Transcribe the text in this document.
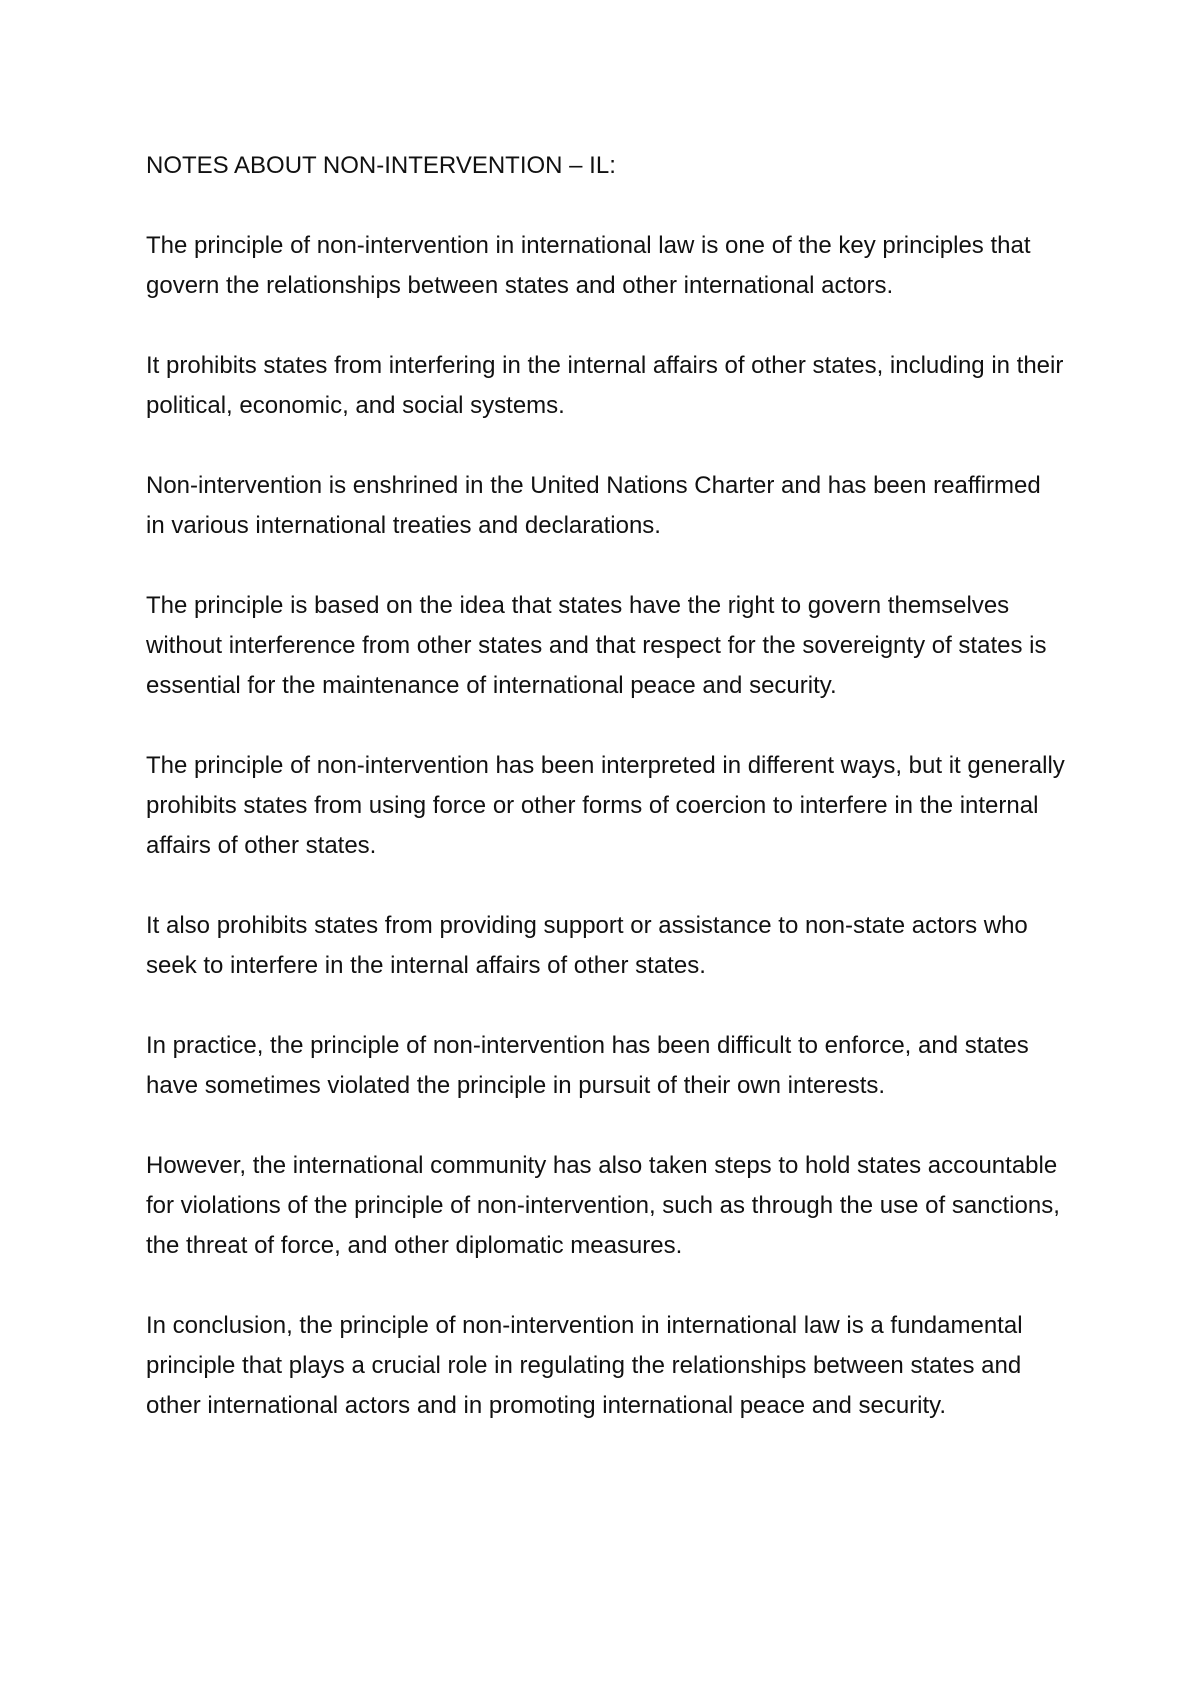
NOTES ABOUT NON-INTERVENTION – IL:

The principle of non-intervention in international law is one of the key principles that govern the relationships between states and other international actors.

It prohibits states from interfering in the internal affairs of other states, including in their political, economic, and social systems.

Non-intervention is enshrined in the United Nations Charter and has been reaffirmed in various international treaties and declarations.

The principle is based on the idea that states have the right to govern themselves without interference from other states and that respect for the sovereignty of states is essential for the maintenance of international peace and security.

The principle of non-intervention has been interpreted in different ways, but it generally prohibits states from using force or other forms of coercion to interfere in the internal affairs of other states.

It also prohibits states from providing support or assistance to non-state actors who seek to interfere in the internal affairs of other states.

In practice, the principle of non-intervention has been difficult to enforce, and states have sometimes violated the principle in pursuit of their own interests.

However, the international community has also taken steps to hold states accountable for violations of the principle of non-intervention, such as through the use of sanctions, the threat of force, and other diplomatic measures.

In conclusion, the principle of non-intervention in international law is a fundamental principle that plays a crucial role in regulating the relationships between states and other international actors and in promoting international peace and security.
